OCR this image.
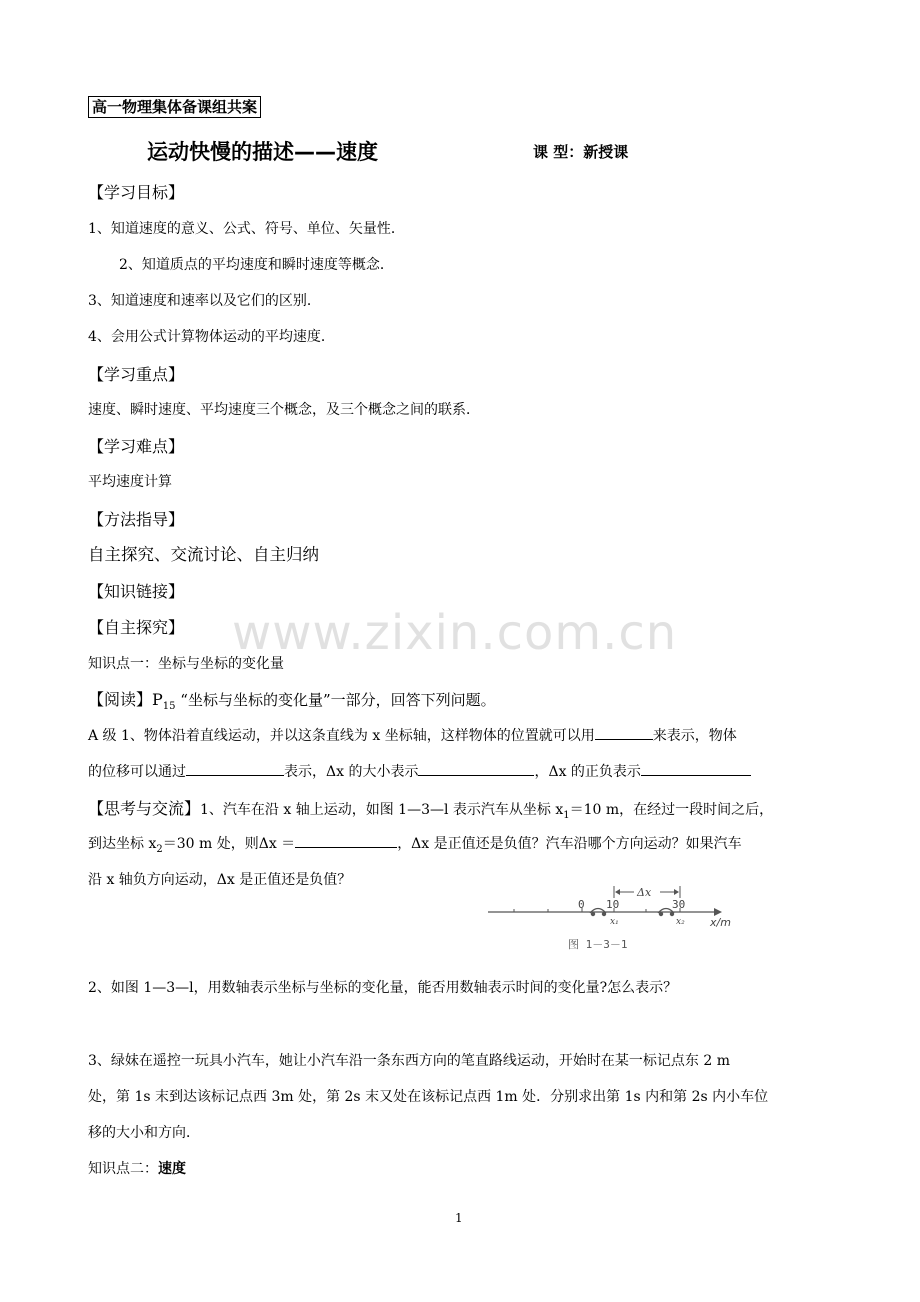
高一物理集体备课组共案
运动快慢的描述——速度	课 型：新授课
【学习目标】
1、知道速度的意义、公式、符号、单位、矢量性．
2、知道质点的平均速度和瞬时速度等概念．
3、知道速度和速率以及它们的区别．
4、会用公式计算物体运动的平均速度．
【学习重点】
速度、瞬时速度、平均速度三个概念，及三个概念之间的联系．
【学习难点】
平均速度计算
【方法指导】
自主探究、交流讨论、自主归纳
【知识链接】
【自主探究】
知识点一：坐标与坐标的变化量
【阅读】$P_{15}$ “坐标与坐标的变化量”一部分，回答下列问题。
A 级 1、物体沿着直线运动，并以这条直线为 x 坐标轴，这样物体的位置就可以用	来表示，物体
的位移可以通过	表示，Δx 的大小表示	，Δx 的正负表示
【思考与交流】1、汽车在沿 x 轴上运动，如图 1—3—l 表示汽车从坐标 $x_1=10$ m，在经过一段时间之后，
到达坐标 $x_2=30$ m 处，则Δx ＝	，Δx 是正值还是负值？汽车沿哪个方向运动？如果汽车
沿 x 轴负方向运动，Δx 是正值还是负值？
0 10	30
Δx
x₁	x₂ x/m
图 1－3－1
2、如图 1—3—l，用数轴表示坐标与坐标的变化量，能否用数轴表示时间的变化量?怎么表示？
3、绿妹在遥控一玩具小汽车，她让小汽车沿一条东西方向的笔直路线运动，开始时在某一标记点东 2 m
处，第 1s 末到达该标记点西 3m 处，第 2s 末又处在该标记点西 1m 处．分别求出第 1s 内和第 2s 内小车位
移的大小和方向．
知识点二：速度
www.zixin.com.cn
1
